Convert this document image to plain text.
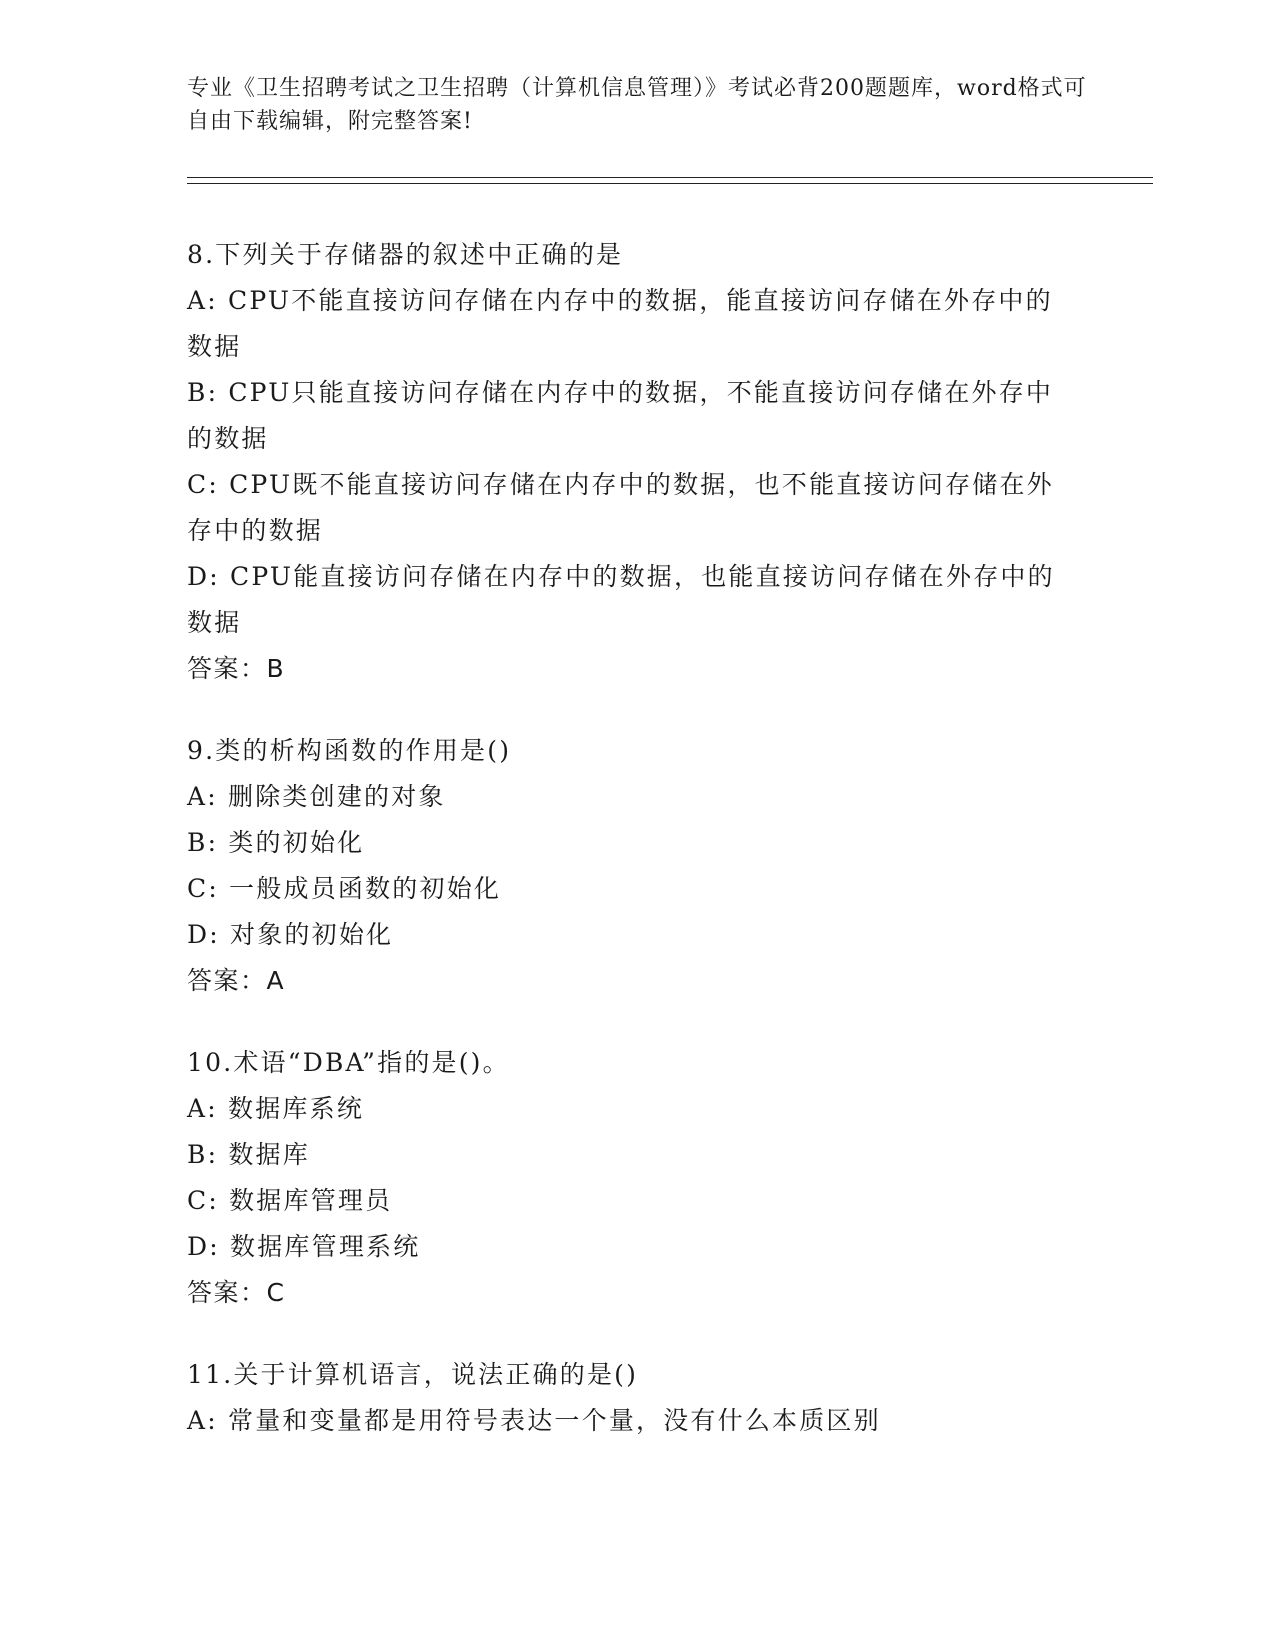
专业《卫生招聘考试之卫生招聘（计算机信息管理）》考试必背200题题库，word格式可自由下载编辑，附完整答案!

8.下列关于存储器的叙述中正确的是

A: CPU不能直接访问存储在内存中的数据，能直接访问存储在外存中的数据

B: CPU只能直接访问存储在内存中的数据，不能直接访问存储在外存中的数据

C: CPU既不能直接访问存储在内存中的数据，也不能直接访问存储在外存中的数据

D: CPU能直接访问存储在内存中的数据，也能直接访问存储在外存中的数据

答案：B

9.类的析构函数的作用是()

A: 删除类创建的对象

B: 类的初始化

C: 一般成员函数的初始化

D: 对象的初始化

答案：A

10.术语“DBA”指的是()。

A: 数据库系统

B: 数据库

C: 数据库管理员

D: 数据库管理系统

答案：C

11.关于计算机语言，说法正确的是()

A: 常量和变量都是用符号表达一个量，没有什么本质区别
